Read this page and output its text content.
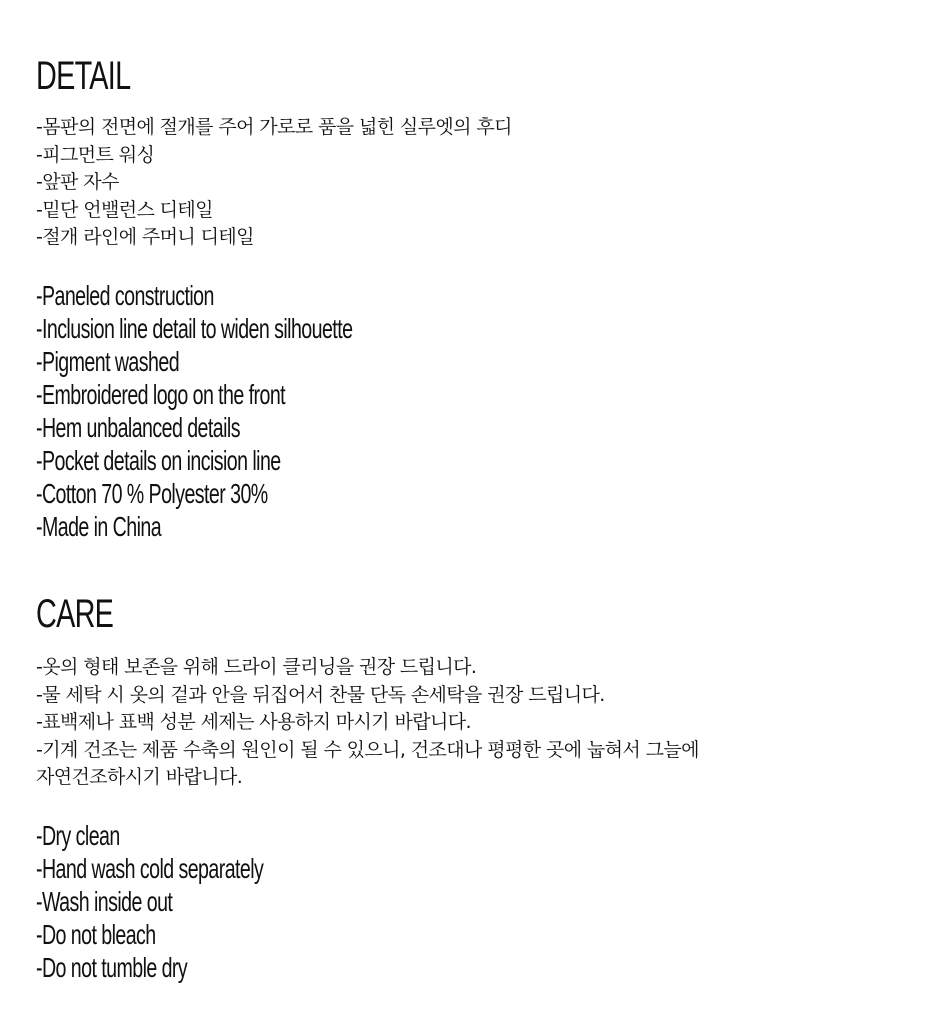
DETAIL
-몸판의 전면에 절개를 주어 가로로 품을 넓힌 실루엣의 후디
-피그먼트 워싱
-앞판 자수
-밑단 언밸런스 디테일
-절개 라인에 주머니 디테일
-Paneled construction
-Inclusion line detail to widen silhouette
-Pigment washed
-Embroidered logo on the front
-Hem unbalanced details
-Pocket details on incision line
-Cotton 70 % Polyester 30%
-Made in China
CARE
-옷의 형태 보존을 위해 드라이 클리닝을 권장 드립니다.
-물 세탁 시 옷의 겉과 안을 뒤집어서 찬물 단독 손세탁을 권장 드립니다.
-표백제나 표백 성분 세제는 사용하지 마시기 바랍니다.
-기계 건조는 제품 수축의 원인이 될 수 있으니, 건조대나 평평한 곳에 눕혀서 그늘에
자연건조하시기 바랍니다.
-Dry clean
-Hand wash cold separately
-Wash inside out
-Do not bleach
-Do not tumble dry
